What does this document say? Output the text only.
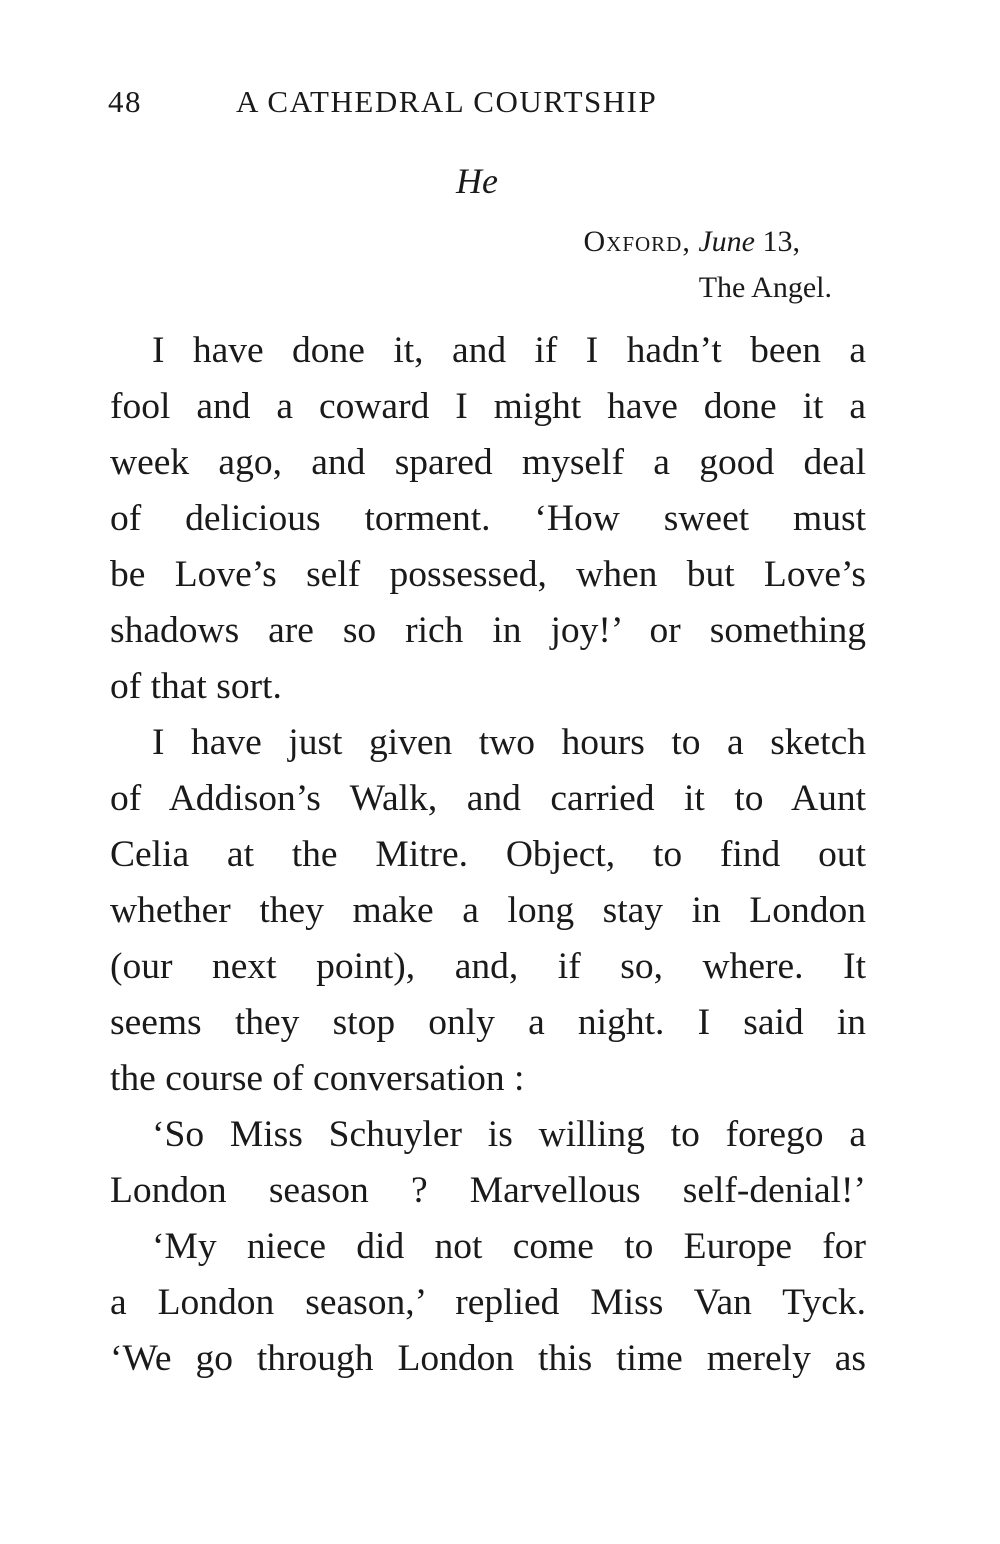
48	A CATHEDRAL COURTSHIP
He
Oxford, June 13,
The Angel.
I have done it, and if I hadn’t been a
fool and a coward I might have done it a
week ago, and spared myself a good deal
of delicious torment. ‘How sweet must
be Love’s self possessed, when but Love’s
shadows are so rich in joy!’ or something
of that sort.
I have just given two hours to a sketch
of Addison’s Walk, and carried it to Aunt
Celia at the Mitre. Object, to find out
whether they make a long stay in London
(our next point), and, if so, where. It
seems they stop only a night. I said in
the course of conversation :
‘So Miss Schuyler is willing to forego a
London season ? Marvellous self-denial!’
‘My niece did not come to Europe for
a London season,’ replied Miss Van Tyck.
‘We go through London this time merely as
